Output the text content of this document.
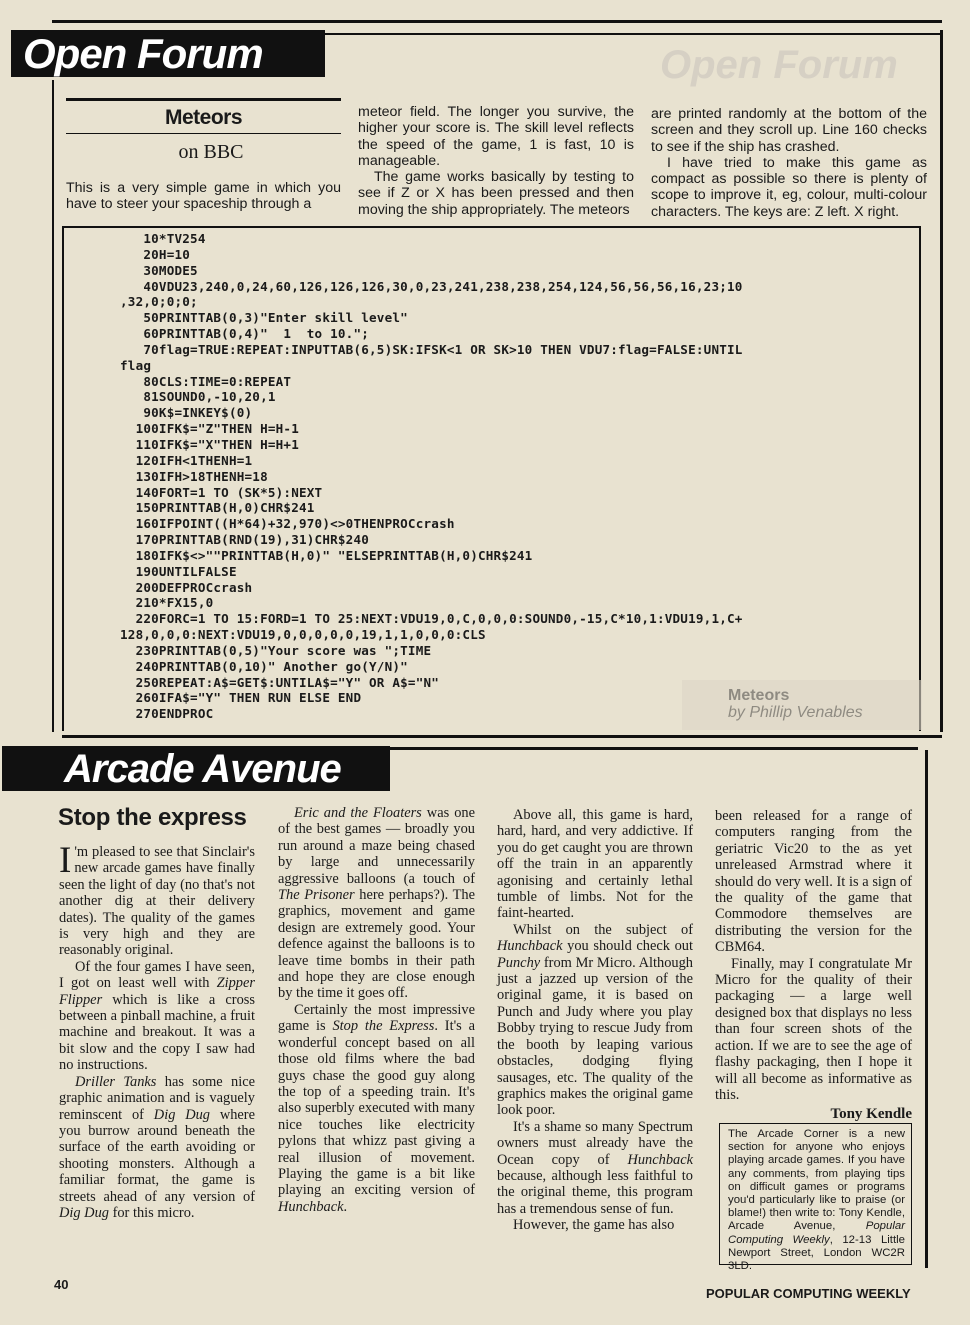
Open Forum	Open Forum
Meteors
on BBC

This is a very simple game in which you have to steer your spaceship through a

meteor field. The longer you survive, the higher your score is. The skill level reflects the speed of the game, 1 is fast, 10 is manageable.

The game works basically by testing to see if Z or X has been pressed and then moving the ship appropriately. The meteors

are printed randomly at the bottom of the screen and they scroll up. Line 160 checks to see if the ship has crashed.

I have tried to make this game as compact as possible so there is plenty of scope to improve it, eg, colour, multi-colour characters. The keys are: Z left. X right.

10*TV254
20H=10
30MODE5
40VDU23,240,0,24,60,126,126,126,30,0,23,241,238,238,254,124,56,56,56,16,23;10
,32,0;0;0;
50PRINTTAB(0,3)"Enter skill level"
60PRINTTAB(0,4)"  1  to 10.";
70flag=TRUE:REPEAT:INPUTTAB(6,5)SK:IFSK<1 OR SK>10 THEN VDU7:flag=FALSE:UNTIL
flag
80CLS:TIME=0:REPEAT
81SOUND0,-10,20,1
90K$=INKEY$(0)
100IFK$="Z"THEN H=H-1
110IFK$="X"THEN H=H+1
120IFH<1THENH=1
130IFH>18THENH=18
140FORT=1 TO (SK*5):NEXT
150PRINTTAB(H,0)CHR$241
160IFPOINT((H*64)+32,970)<>0THENPROCcrash
170PRINTTAB(RND(19),31)CHR$240
180IFK$<>""PRINTTAB(H,0)" "ELSEPRINTTAB(H,0)CHR$241
190UNTILFALSE
200DEFPROCcrash
210*FX15,0
220FORC=1 TO 15:FORD=1 TO 25:NEXT:VDU19,0,C,0,0,0:SOUND0,-15,C*10,1:VDU19,1,C+
128,0,0,0:NEXT:VDU19,0,0,0,0,0,19,1,1,0,0,0:CLS
230PRINTTAB(0,5)"Your score was ";TIME
240PRINTTAB(0,10)" Another go(Y/N)"
250REPEAT:A$=GET$:UNTILA$="Y" OR A$="N"
260IFA$="Y" THEN RUN ELSE END
270ENDPROC
Arcade Avenue
Stop the express

I 'm pleased to see that Sinclair's new arcade games have finally seen the light of day (no that's not another dig at their delivery dates). The quality of the games is very high and they are reasonably original.

Of the four games I have seen, I got on least well with Zipper Flipper which is like a cross between a pinball machine, a fruit machine and breakout. It was a bit slow and the copy I saw had no instructions.

Driller Tanks has some nice graphic animation and is vaguely reminscent of Dig Dug where you burrow around beneath the surface of the earth avoiding or shooting monsters. Although a familiar format, the game is streets ahead of any version of Dig Dug for this micro.

Eric and the Floaters was one of the best games — broadly you run around a maze being chased by large and unnecessarily aggressive balloons (a touch of The Prisoner here perhaps?). The graphics, movement and game design are extremely good. Your defence against the balloons is to leave time bombs in their path and hope they are close enough by the time it goes off.

Certainly the most impressive game is Stop the Express. It's a wonderful concept based on all those old films where the bad guys chase the good guy along the top of a speeding train. It's also superbly executed with many nice touches like electricity pylons that whizz past giving a real illusion of movement. Playing the game is a bit like playing an exciting version of Hunchback.

Above all, this game is hard, hard, hard, and very addictive. If you do get caught you are thrown off the train in an apparently agonising and certainly lethal tumble of limbs. Not for the faint-hearted.

Whilst on the subject of Hunchback you should check out Punchy from Mr Micro. Although just a jazzed up version of the original game, it is based on Punch and Judy where you play Bobby trying to rescue Judy from the booth by leaping various obstacles, dodging flying sausages, etc. The quality of the graphics makes the original game look poor.

It's a shame so many Spectrum owners must already have the Ocean copy of Hunchback because, although less faithful to the original theme, this program has a tremendous sense of fun.

However, the game has also

been released for a range of computers ranging from the geriatric Vic20 to the as yet unreleased Armstrad where it should do very well. It is a sign of the quality of the game that Commodore themselves are distributing the version for the CBM64.

Finally, may I congratulate Mr Micro for the quality of their packaging — a large well designed box that displays no less than four screen shots of the action. If we are to see the age of flashy packaging, then I hope it will all become as informative as this.

Tony Kendle
The Arcade Corner is a new section for anyone who enjoys playing arcade games. If you have any comments, from playing tips on difficult games or programs you'd particularly like to praise (or blame!) then write to: Tony Kendle, Arcade Avenue, Popular Computing Weekly, 12-13 Little Newport Street, London WC2R 3LD.
40
POPULAR COMPUTING WEEKLY
